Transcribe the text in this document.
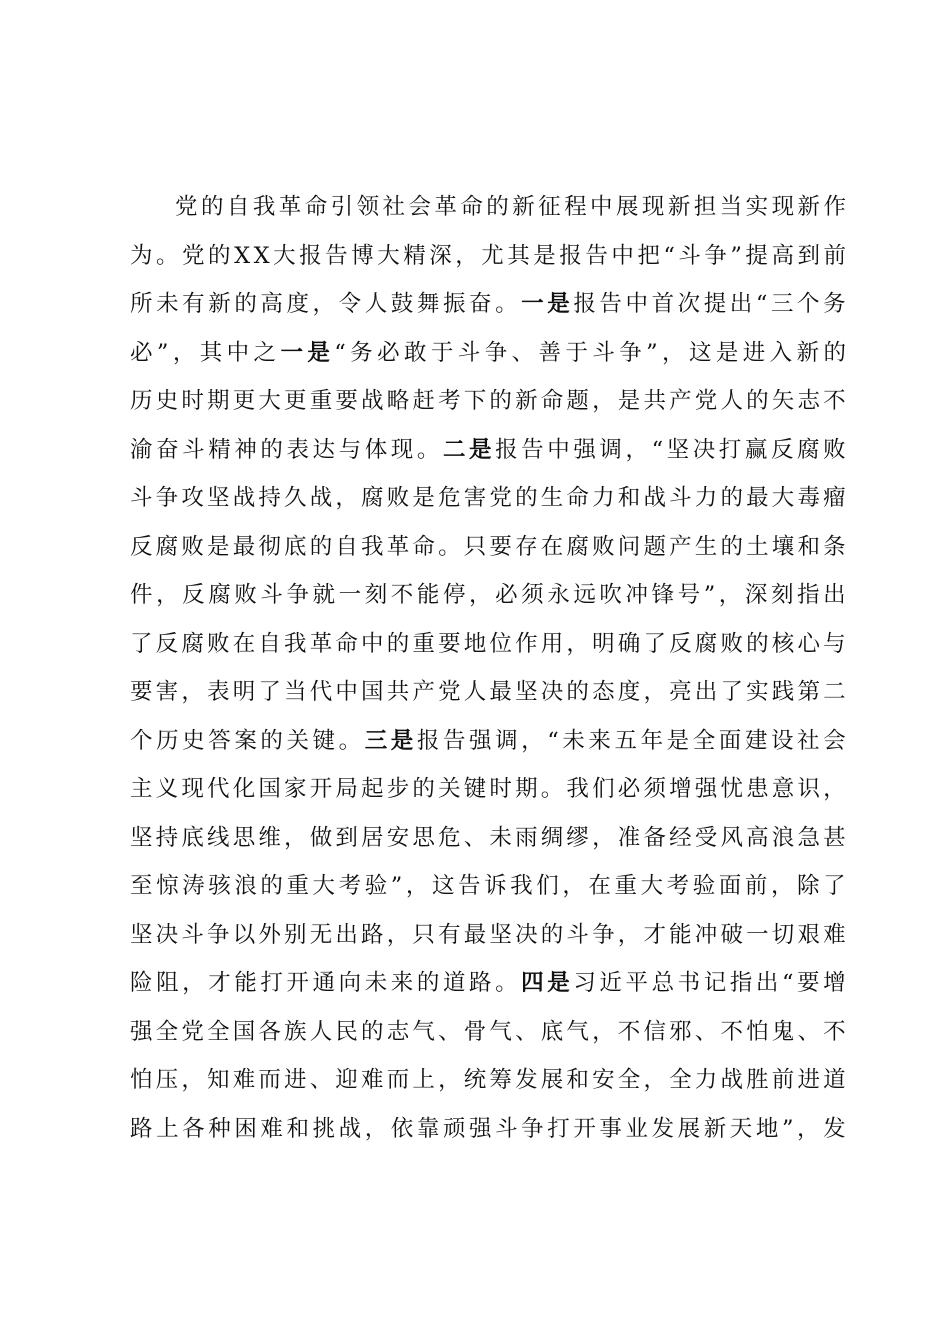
党 的 自 我 革 命 引 领 社 会 革 命 的 新 征 程 中 展 现 新 担 当 实 现 新 作
为 。 党 的 X X 大 报 告 博 大 精 深 ， 尤 其 是 报 告 中 把 “ 斗 争 ” 提 高 到 前
所 未 有 新 的 高 度 ， 令 人 鼓 舞 振 奋 。 一 是 报 告 中 首 次 提 出 “ 三 个 务
必 ” ， 其 中 之 一 是 “ 务 必 敢 于 斗 争 、 善 于 斗 争 ” ， 这 是 进 入 新 的
历 史 时 期 更 大 更 重 要 战 略 赶 考 下 的 新 命 题 ， 是 共 产 党 人 的 矢 志 不
渝 奋 斗 精 神 的 表 达 与 体 现 。 二 是 报 告 中 强 调 ， “ 坚 决 打 赢 反 腐 败
斗 争 攻 坚 战 持 久 战 ， 腐 败 是 危 害 党 的 生 命 力 和 战 斗 力 的 最 大 毒 瘤
反 腐 败 是 最 彻 底 的 自 我 革 命 。 只 要 存 在 腐 败 问 题 产 生 的 土 壤 和 条
件 ， 反 腐 败 斗 争 就 一 刻 不 能 停 ， 必 须 永 远 吹 冲 锋 号 ” ， 深 刻 指 出
了 反 腐 败 在 自 我 革 命 中 的 重 要 地 位 作 用 ， 明 确 了 反 腐 败 的 核 心 与
要 害 ， 表 明 了 当 代 中 国 共 产 党 人 最 坚 决 的 态 度 ， 亮 出 了 实 践 第 二
个 历 史 答 案 的 关 键 。 三 是 报 告 强 调 ， “ 未 来 五 年 是 全 面 建 设 社 会
主 义 现 代 化 国 家 开 局 起 步 的 关 键 时 期 。 我 们 必 须 增 强 忧 患 意 识 ，
坚 持 底 线 思 维 ， 做 到 居 安 思 危 、 未 雨 绸 缪 ， 准 备 经 受 风 高 浪 急 甚
至 惊 涛 骇 浪 的 重 大 考 验 ” ， 这 告 诉 我 们 ， 在 重 大 考 验 面 前 ， 除 了
坚 决 斗 争 以 外 别 无 出 路 ， 只 有 最 坚 决 的 斗 争 ， 才 能 冲 破 一 切 艰 难
险 阻 ， 才 能 打 开 通 向 未 来 的 道 路 。 四 是 习 近 平 总 书 记 指 出 “ 要 增
强 全 党 全 国 各 族 人 民 的 志 气 、 骨 气 、 底 气 ， 不 信 邪 、 不 怕 鬼 、 不
怕 压 ， 知 难 而 进 、 迎 难 而 上 ， 统 筹 发 展 和 安 全 ， 全 力 战 胜 前 进 道
路 上 各 种 困 难 和 挑 战 ， 依 靠 顽 强 斗 争 打 开 事 业 发 展 新 天 地 ” ， 发
